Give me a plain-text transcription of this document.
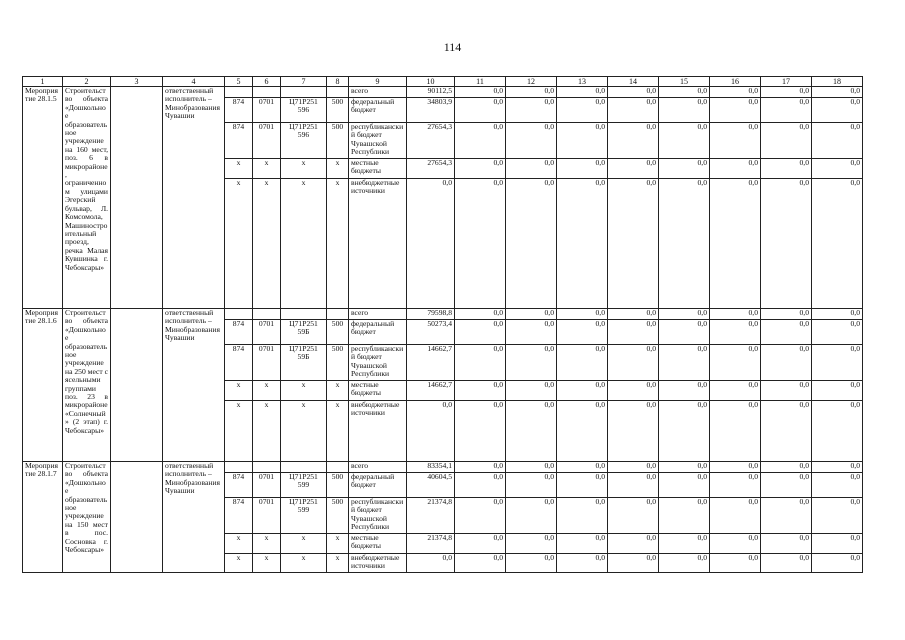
114
1	2	3	4	5	6	7	8	9	10	11	12	13	14	15	16	17	18
Мероприятие 28.1.5	Строительство объекта «Дошкольное образовательное учреждение на 160 мест, поз. 6 в микрорайоне, ограниченном улицами Эгерский бульвар, Л. Комсомола, Машиностроительный проезд, речка Малая Кувшинка г. Чебоксары»		ответственный исполнитель – Минобразования Чувашии					всего	90112,5	0,0	0,0	0,0	0,0	0,0	0,0	0,0	0,0
				874	0701	Ц71Р251 596	500	федеральный бюджет	34803,9	0,0	0,0	0,0	0,0	0,0	0,0	0,0	0,0
				874	0701	Ц71Р251 596	500	республиканский бюджет Чувашской Республики	27654,3	0,0	0,0	0,0	0,0	0,0	0,0	0,0	0,0
				x	x	x	x	местные бюджеты	27654,3	0,0	0,0	0,0	0,0	0,0	0,0	0,0	0,0
				x	x	x	x	внебюджетные источники	0,0	0,0	0,0	0,0	0,0	0,0	0,0	0,0	0,0
Мероприятие 28.1.6	Строительство объекта «Дошкольное образовательное учреждение на 250 мест с ясельными группами поз. 23 в микрорайоне «Солнечный» (2 этап) г. Чебоксары»		ответственный исполнитель – Минобразования Чувашии					всего	79598,8	0,0	0,0	0,0	0,0	0,0	0,0	0,0	0,0
				874	0701	Ц71Р251 59Б	500	федеральный бюджет	50273,4	0,0	0,0	0,0	0,0	0,0	0,0	0,0	0,0
				874	0701	Ц71Р251 59Б	500	республиканский бюджет Чувашской Республики	14662,7	0,0	0,0	0,0	0,0	0,0	0,0	0,0	0,0
				x	x	x	x	местные бюджеты	14662,7	0,0	0,0	0,0	0,0	0,0	0,0	0,0	0,0
				x	x	x	x	внебюджетные источники	0,0	0,0	0,0	0,0	0,0	0,0	0,0	0,0	0,0
Мероприятие 28.1.7	Строительство объекта «Дошкольное образовательное учреждение на 150 мест в пос. Сосновка г. Чебоксары»		ответственный исполнитель – Минобразования Чувашии					всего	83354,1	0,0	0,0	0,0	0,0	0,0	0,0	0,0	0,0
				874	0701	Ц71Р251 599	500	федеральный бюджет	40604,5	0,0	0,0	0,0	0,0	0,0	0,0	0,0	0,0
				874	0701	Ц71Р251 599	500	республиканский бюджет Чувашской Республики	21374,8	0,0	0,0	0,0	0,0	0,0	0,0	0,0	0,0
				x	x	x	x	местные бюджеты	21374,8	0,0	0,0	0,0	0,0	0,0	0,0	0,0	0,0
				x	x	x	x	внебюджетные источники	0,0	0,0	0,0	0,0	0,0	0,0	0,0	0,0	0,0
